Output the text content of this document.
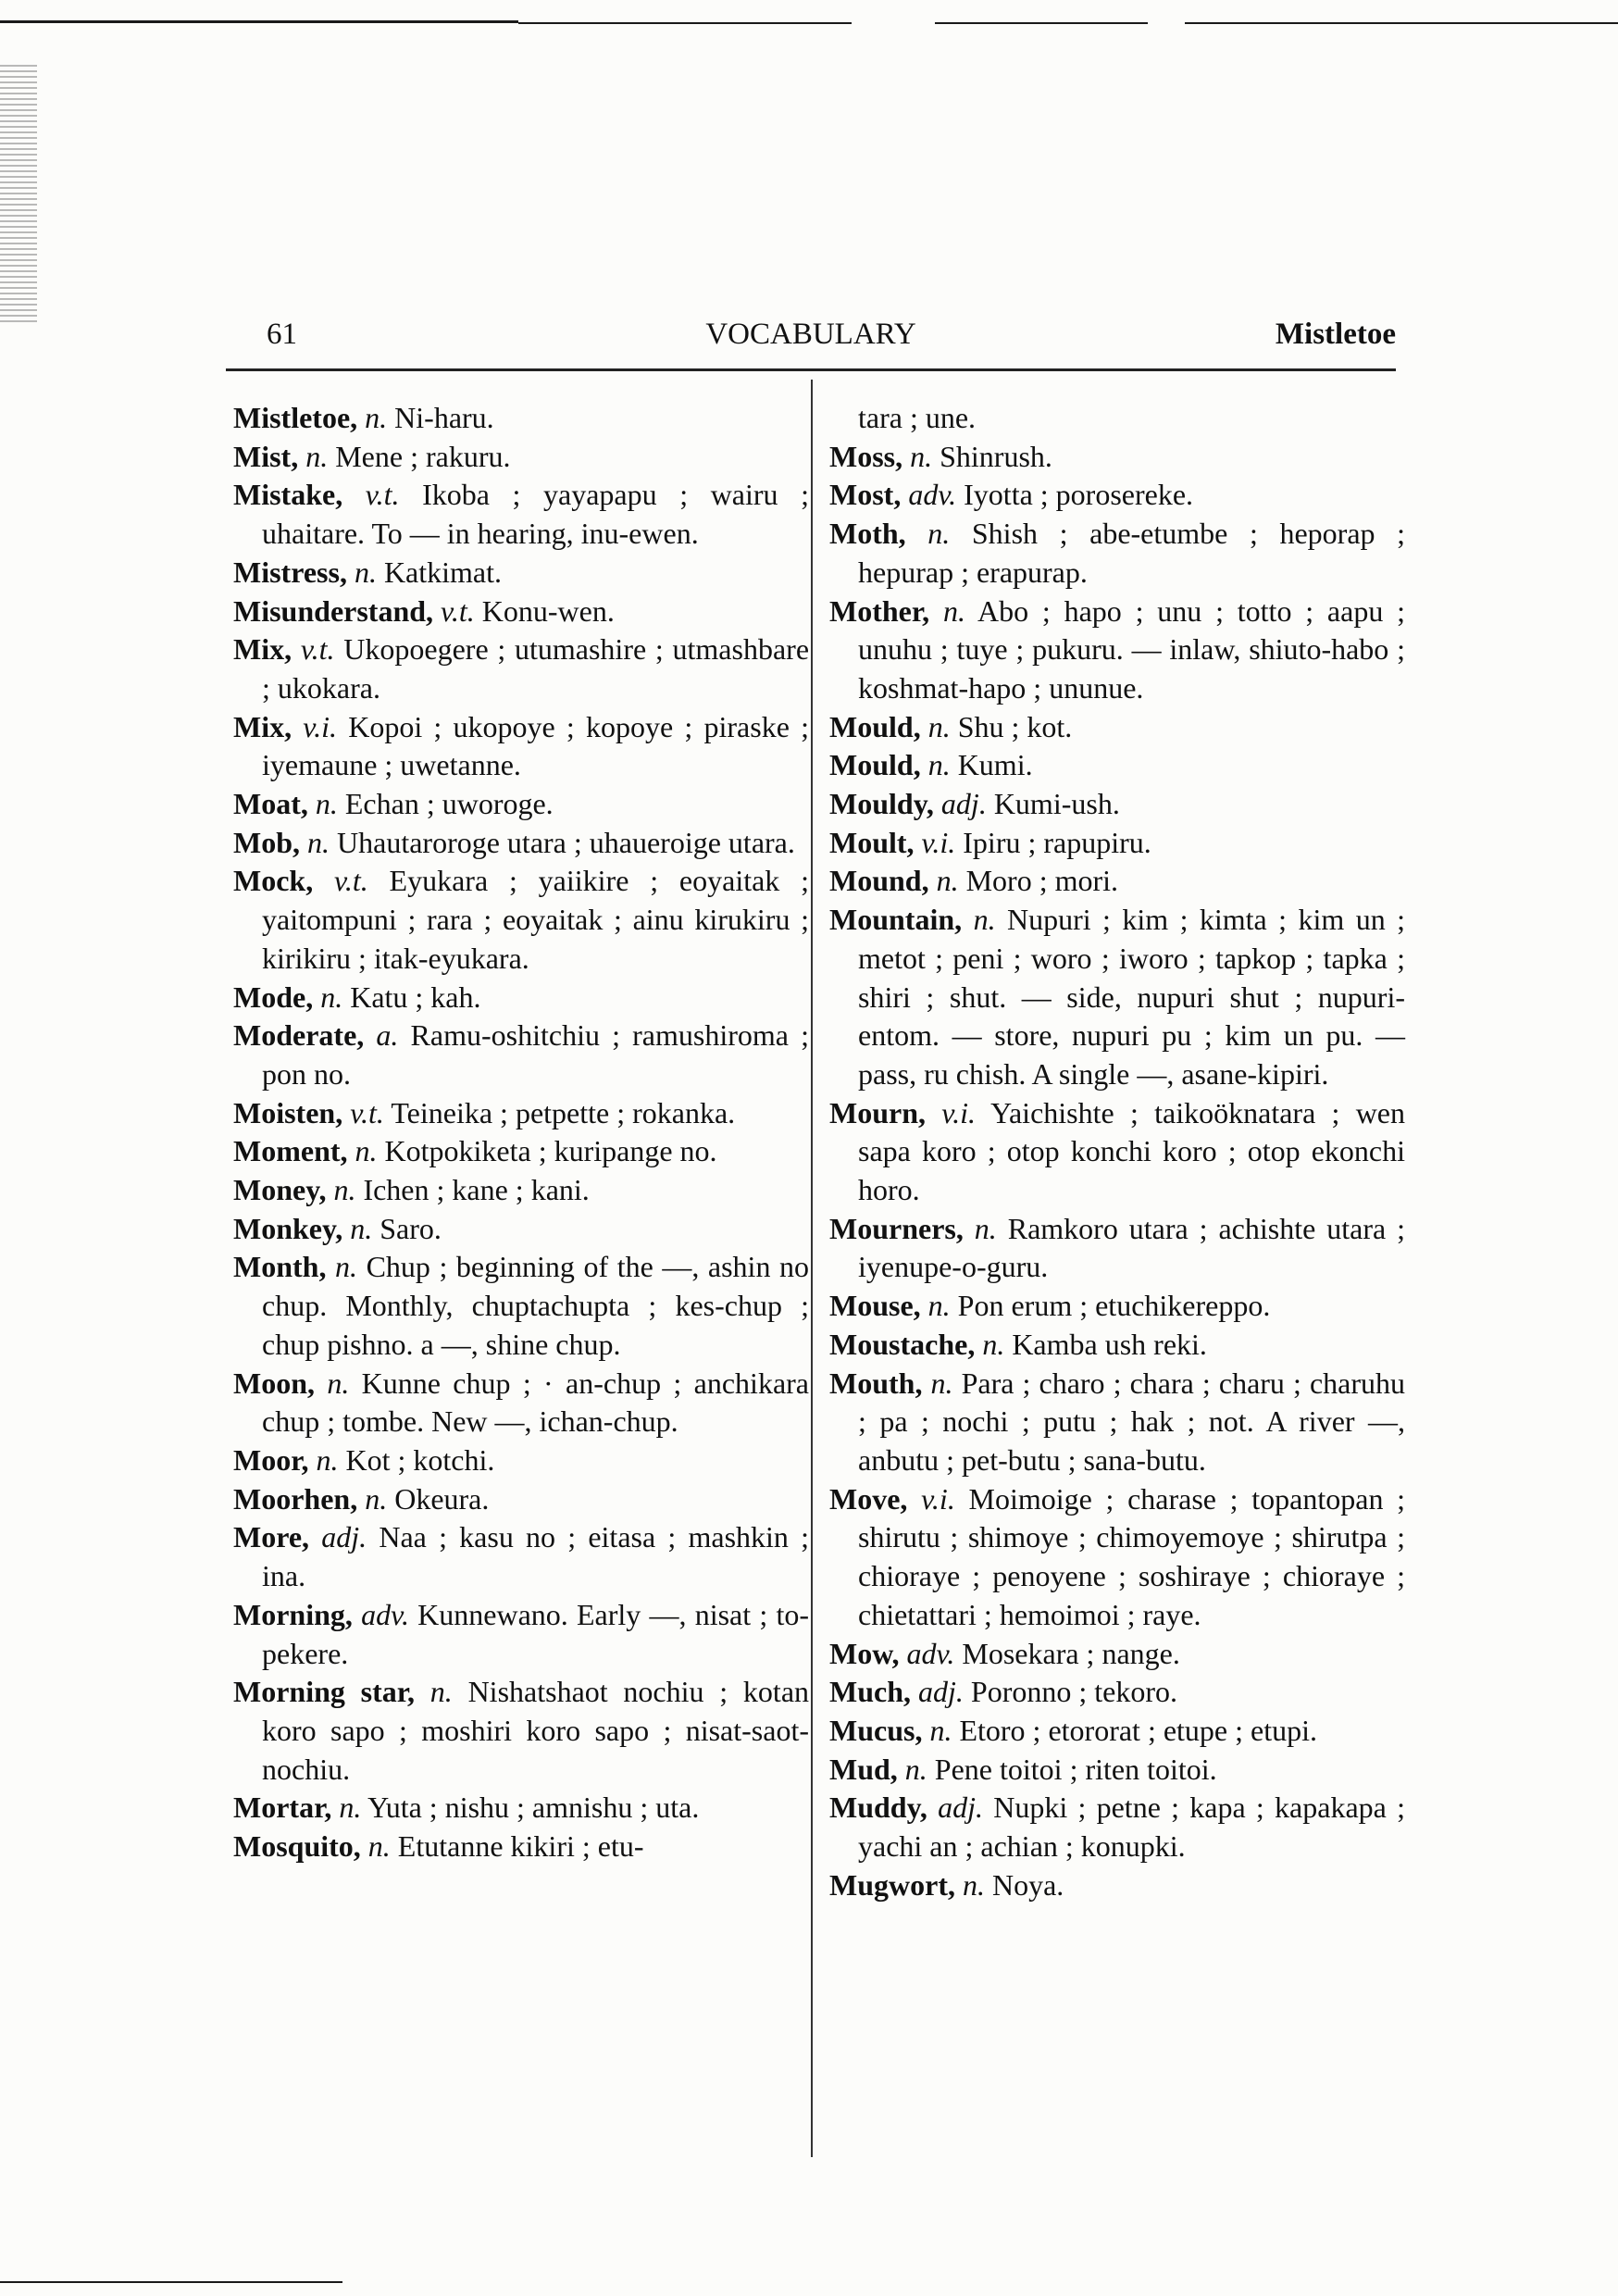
61	VOCABULARY	Mistletoe
Mistletoe, n. Ni-haru.
Mist, n. Mene ; rakuru.
Mistake, v.t. Ikoba ; yayapapu ; wairu ; uhaitare. To — in hearing, inu-ewen.
Mistress, n. Katkimat.
Misunderstand, v.t. Konu-wen.
Mix, v.t. Ukopoegere ; utumashire ; utmashbare ; ukokara.
Mix, v.i. Kopoi ; ukopoye ; kopoye ; piraske ; iyemaune ; uwetanne.
Moat, n. Echan ; uworoge.
Mob, n. Uhautaroroge utara ; uhaueroige utara.
Mock, v.t. Eyukara ; yaiikire ; eoyaitak ; yaitompuni ; rara ; eoyaitak ; ainu kirukiru ; kirikiru ; itak-eyukara.
Mode, n. Katu ; kah.
Moderate, a. Ramu-oshitchiu ; ramushiroma ; pon no.
Moisten, v.t. Teineika ; petpette ; rokanka.
Moment, n. Kotpokiketa ; kuripange no.
Money, n. Ichen ; kane ; kani.
Monkey, n. Saro.
Month, n. Chup ; beginning of the —, ashin no chup. Monthly, chuptachupta ; kes-chup ; chup pishno. a —, shine chup.
Moon, n. Kunne chup ; · an-chup ; anchikara chup ; tombe. New —, ichan-chup.
Moor, n. Kot ; kotchi.
Moorhen, n. Okeura.
More, adj. Naa ; kasu no ; eitasa ; mashkin ; ina.
Morning, adv. Kunnewano. Early —, nisat ; to-pekere.
Morning star, n. Nishatshaot nochiu ; kotan koro sapo ; moshiri koro sapo ; nisat-saot-nochiu.
Mortar, n. Yuta ; nishu ; amnishu ; uta.
Mosquito, n. Etutanne kikiri ; etu-
tara ; une.
Moss, n. Shinrush.
Most, adv. Iyotta ; porosereke.
Moth, n. Shish ; abe-etumbe ; heporap ; hepurap ; erapurap.
Mother, n. Abo ; hapo ; unu ; totto ; aapu ; unuhu ; tuye ; pukuru. — inlaw, shiuto-habo ; koshmat-hapo ; ununue.
Mould, n. Shu ; kot.
Mould, n. Kumi.
Mouldy, adj. Kumi-ush.
Moult, v.i. Ipiru ; rapupiru.
Mound, n. Moro ; mori.
Mountain, n. Nupuri ; kim ; kimta ; kim un ; metot ; peni ; woro ; iworo ; tapkop ; tapka ; shiri ; shut. — side, nupuri shut ; nupuri-entom. — store, nupuri pu ; kim un pu. — pass, ru chish. A single —, asane-kipiri.
Mourn, v.i. Yaichishte ; taikoöknatara ; wen sapa koro ; otop konchi koro ; otop ekonchi horo.
Mourners, n. Ramkoro utara ; achishte utara ; iyenupe-o-guru.
Mouse, n. Pon erum ; etuchikereppo.
Moustache, n. Kamba ush reki.
Mouth, n. Para ; charo ; chara ; charu ; charuhu ; pa ; nochi ; putu ; hak ; not. A river —, anbutu ; pet-butu ; sana-butu.
Move, v.i. Moimoige ; charase ; topantopan ; shirutu ; shimoye ; chimoyemoye ; shirutpa ; chioraye ; penoyene ; soshiraye ; chioraye ; chietattari ; hemoimoi ; raye.
Mow, adv. Mosekara ; nange.
Much, adj. Poronno ; tekoro.
Mucus, n. Etoro ; etororat ; etupe ; etupi.
Mud, n. Pene toitoi ; riten toitoi.
Muddy, adj. Nupki ; petne ; kapa ; kapakapa ; yachi an ; achian ; konupki.
Mugwort, n. Noya.
